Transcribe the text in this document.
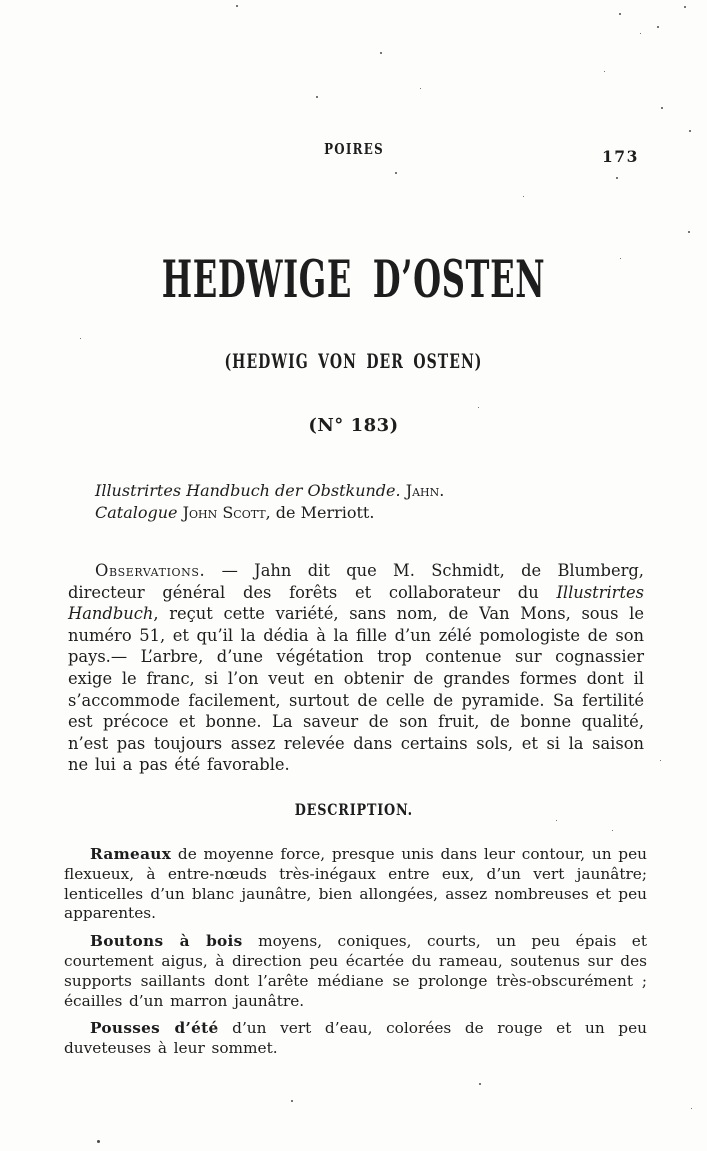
POIRES	173
HEDWIGE D’OSTEN
(HEDWIG VON DER OSTEN)
(N° 183)
Illustrirtes Handbuch der Obstkunde. Jahn.
Catalogue John Scott, de Merriott.

Observations. — Jahn dit que M. Schmidt, de Blumberg, directeur général des forêts et collaborateur du Illustrirtes Handbuch, reçut cette variété, sans nom, de Van Mons, sous le numéro 51, et qu’il la dédia à la fille d’un zélé pomologiste de son pays.— L’arbre, d’une végétation trop contenue sur cognassier exige le franc, si l’on veut en obtenir de grandes formes dont il s’accommode facilement, surtout de celle de pyramide. Sa fertilité est précoce et bonne. La saveur de son fruit, de bonne qualité, n’est pas toujours assez relevée dans certains sols, et si la saison ne lui a pas été favorable.

DESCRIPTION.

Rameaux de moyenne force, presque unis dans leur contour, un peu flexueux, à entre-nœuds très-inégaux entre eux, d’un vert jaunâtre; lenticelles d’un blanc jaunâtre, bien allongées, assez nombreuses et peu apparentes.

Boutons à bois moyens, coniques, courts, un peu épais et courtement aigus, à direction peu écartée du rameau, soutenus sur des supports saillants dont l’arête médiane se prolonge très-obscurément ; écailles d’un marron jaunâtre.

Pousses d’été d’un vert d’eau, colorées de rouge et un peu duveteuses à leur sommet.
